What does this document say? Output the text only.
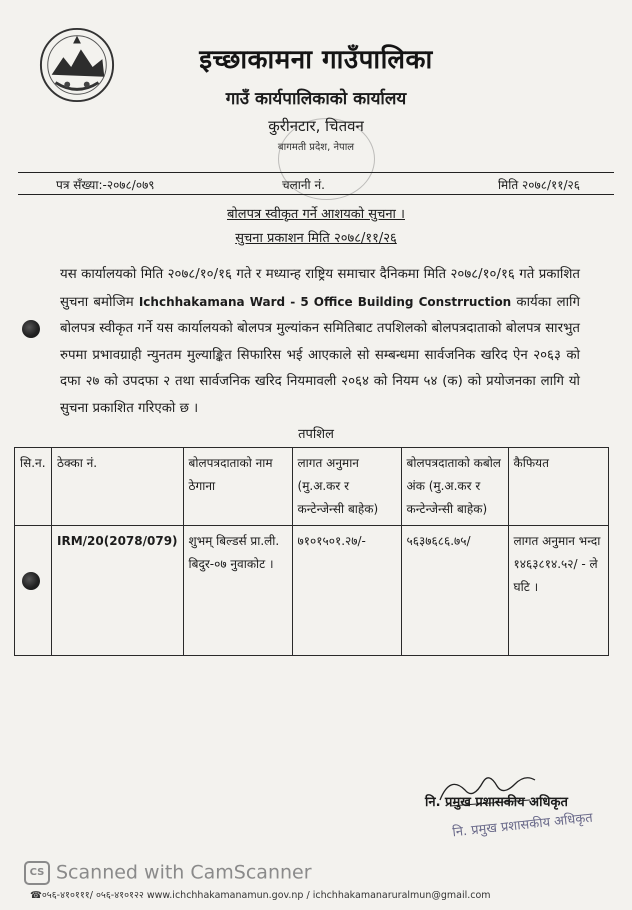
इच्छाकामना गाउँपालिका
गाउँ कार्यपालिकाको कार्यालय
कुरीनटार, चितवन
बागमती प्रदेश, नेपाल
पत्र सँख्या:-२०७८/०७९	चलानी नं.	मिति २०७८/११/२६
बोलपत्र स्वीकृत गर्ने आशयको सुचना ।
सुचना प्रकाशन मिति २०७८/११/२६
यस कार्यालयको मिति २०७८/१०/१६ गते र मध्यान्ह राष्ट्रिय समाचार दैनिकमा मिति २०७८/१०/१६ गते प्रकाशित सुचना बमोजिम Ichchhakamana Ward - 5 Office Building Constrruction कार्यका लागि बोलपत्र स्वीकृत गर्ने यस कार्यालयको बोलपत्र मुल्यांकन समितिबाट तपशिलको बोलपत्रदाताको बोलपत्र सारभुत रुपमा प्रभावग्राही न्युनतम मुल्याङ्कित सिफारिस भई आएकाले सो सम्बन्धमा सार्वजनिक खरिद ऐन २०६३ को दफा २७ को उपदफा २ तथा सार्वजनिक खरिद नियमावली २०६४ को नियम ५४ (क) को प्रयोजनका लागि यो सुचना प्रकाशित गरिएको छ ।
तपशिल
सि.न.	ठेक्का नं.	बोलपत्रदाताको नाम ठेगाना	लागत अनुमान (मु.अ.कर र कन्टेन्जेन्सी बाहेक)	बोलपत्रदाताको कबोल अंक (मु.अ.कर र कन्टेन्जेन्सी बाहेक)	कैफियत
	IRM/20(2078/079)	शुभम् बिल्डर्स प्रा.ली. बिदुर-०७ नुवाकोट ।	७१०१५०१.२७/-	५६३७६८६.७५/	लागत अनुमान भन्दा १४६३८१४.५२/ - ले घटि ।
नि. प्रमुख प्रशासकीय अधिकृत
नि. प्रमुख प्रशासकीय अधिकृत
CS Scanned with CamScanner
☎०५६-४१०१११/ ०५६-४१०१२२ www.ichchhakamanamun.gov.np / ichchhakamanaruralmun@gmail.com
